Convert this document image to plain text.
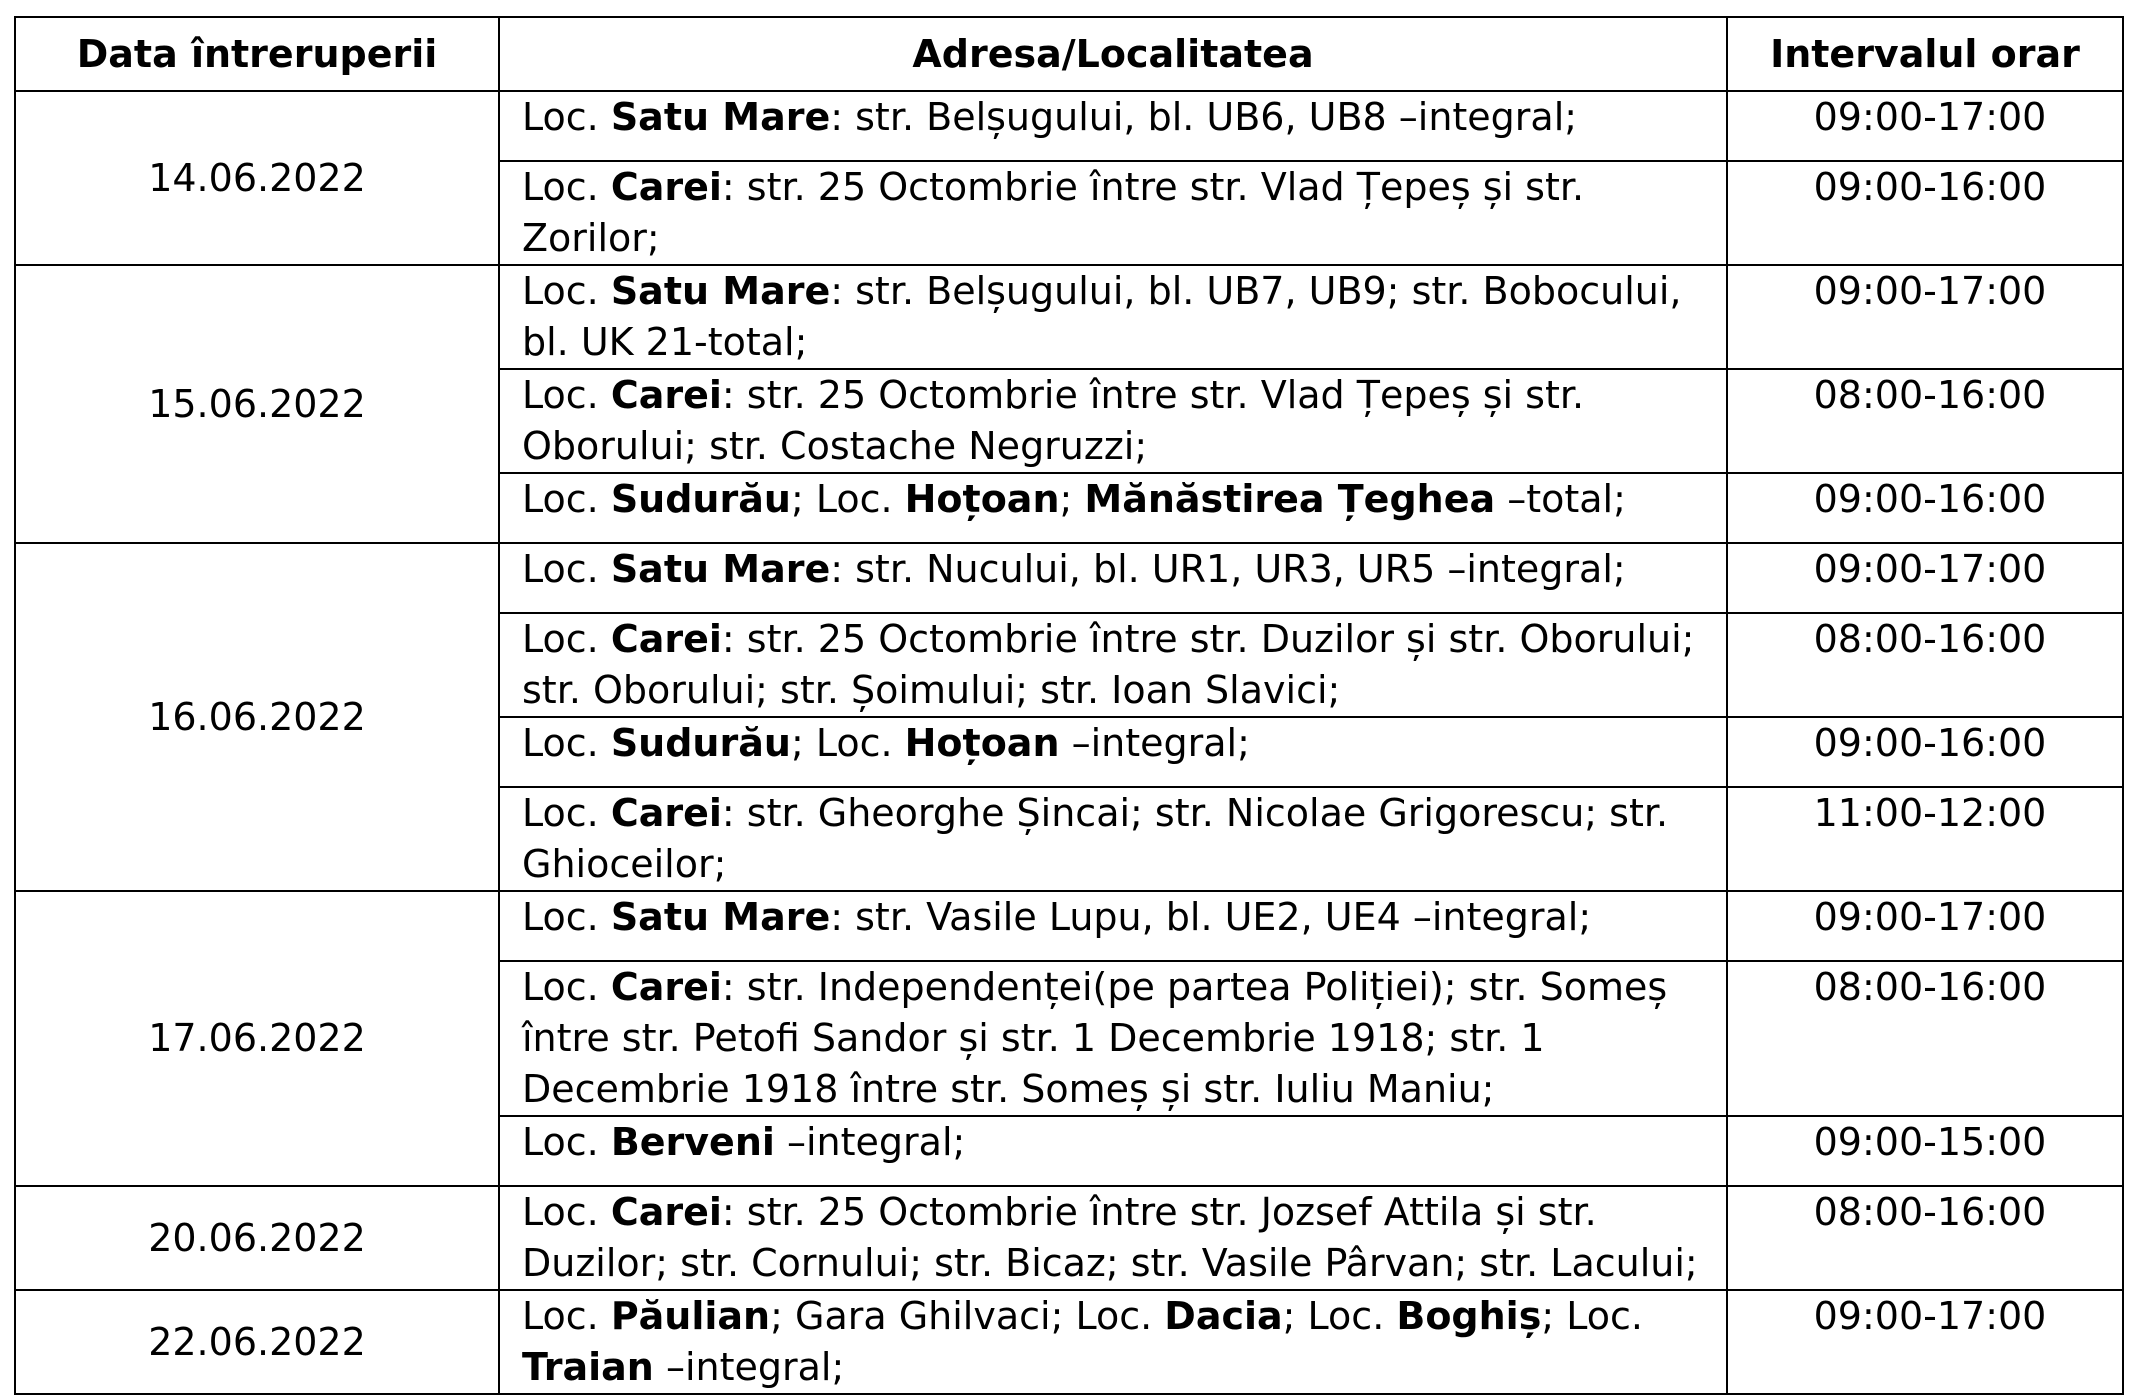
Data întreruperii	Adresa/Localitatea	Intervalul orar
14.06.2022	Loc. Satu Mare: str. Belșugului, bl. UB6, UB8 –integral;	09:00-17:00
	Loc. Carei: str. 25 Octombrie între str. Vlad Țepeș și str. Zorilor;	09:00-16:00
15.06.2022	Loc. Satu Mare: str. Belșugului, bl. UB7, UB9; str. Bobocului, bl. UK 21-total;	09:00-17:00
	Loc. Carei: str. 25 Octombrie între str. Vlad Țepeș și str. Oborului; str. Costache Negruzzi;	08:00-16:00
	Loc. Sudurău; Loc. Hoțoan; Mănăstirea Țeghea –total;	09:00-16:00
16.06.2022	Loc. Satu Mare: str. Nucului, bl. UR1, UR3, UR5 –integral;	09:00-17:00
	Loc. Carei: str. 25 Octombrie între str. Duzilor și str. Oborului; str. Oborului; str. Șoimului; str. Ioan Slavici;	08:00-16:00
	Loc. Sudurău; Loc. Hoțoan –integral;	09:00-16:00
	Loc. Carei: str. Gheorghe Șincai; str. Nicolae Grigorescu; str. Ghioceilor;	11:00-12:00
17.06.2022	Loc. Satu Mare: str. Vasile Lupu, bl. UE2, UE4 –integral;	09:00-17:00
	Loc. Carei: str. Independenței(pe partea Poliției); str. Someș între str. Petofi Sandor și str. 1 Decembrie 1918; str. 1 Decembrie 1918 între str. Someș și str. Iuliu Maniu;	08:00-16:00
	Loc. Berveni –integral;	09:00-15:00
20.06.2022	Loc. Carei: str. 25 Octombrie între str. Jozsef Attila și str. Duzilor; str. Cornului; str. Bicaz; str. Vasile Pârvan; str. Lacului;	08:00-16:00
22.06.2022	Loc. Păulian; Gara Ghilvaci; Loc. Dacia; Loc. Boghiș; Loc. Traian –integral;	09:00-17:00
